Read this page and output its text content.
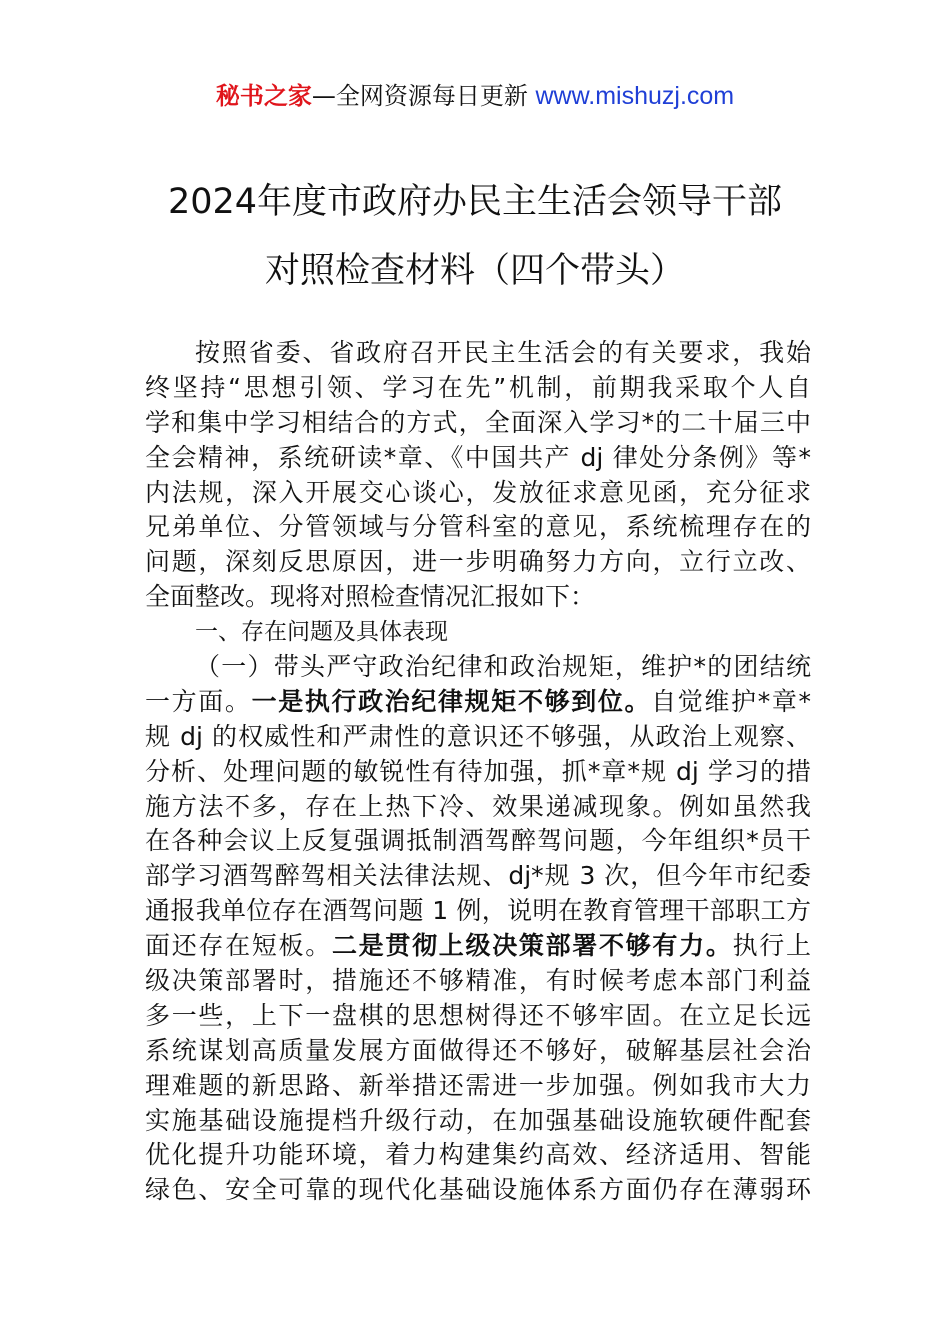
秘书之家—全网资源每日更新 www.mishuzj.com
2024年度市政府办民主生活会领导干部
对照检查材料（四个带头）
按照省委、省政府召开民主生活会的有关要求，我始
终坚持“思想引领、学习在先”机制，前期我采取个人自
学和集中学习相结合的方式，全面深入学习*的二十届三中
全会精神，系统研读*章、《中国共产 dj 律处分条例》等*
内法规，深入开展交心谈心，发放征求意见函，充分征求
兄弟单位、分管领域与分管科室的意见，系统梳理存在的
问题，深刻反思原因，进一步明确努力方向，立行立改、
全面整改。现将对照检查情况汇报如下：
一、存在问题及具体表现
（一）带头严守政治纪律和政治规矩，维护*的团结统
一方面。一是执行政治纪律规矩不够到位。自觉维护*章*
规 dj 的权威性和严肃性的意识还不够强，从政治上观察、
分析、处理问题的敏锐性有待加强，抓*章*规 dj 学习的措
施方法不多，存在上热下冷、效果递减现象。例如虽然我
在各种会议上反复强调抵制酒驾醉驾问题，今年组织*员干
部学习酒驾醉驾相关法律法规、dj*规 3 次，但今年市纪委
通报我单位存在酒驾问题 1 例，说明在教育管理干部职工方
面还存在短板。二是贯彻上级决策部署不够有力。执行上
级决策部署时，措施还不够精准，有时候考虑本部门利益
多一些，上下一盘棋的思想树得还不够牢固。在立足长远
系统谋划高质量发展方面做得还不够好，破解基层社会治
理难题的新思路、新举措还需进一步加强。例如我市大力
实施基础设施提档升级行动，在加强基础设施软硬件配套
优化提升功能环境，着力构建集约高效、经济适用、智能
绿色、安全可靠的现代化基础设施体系方面仍存在薄弱环
